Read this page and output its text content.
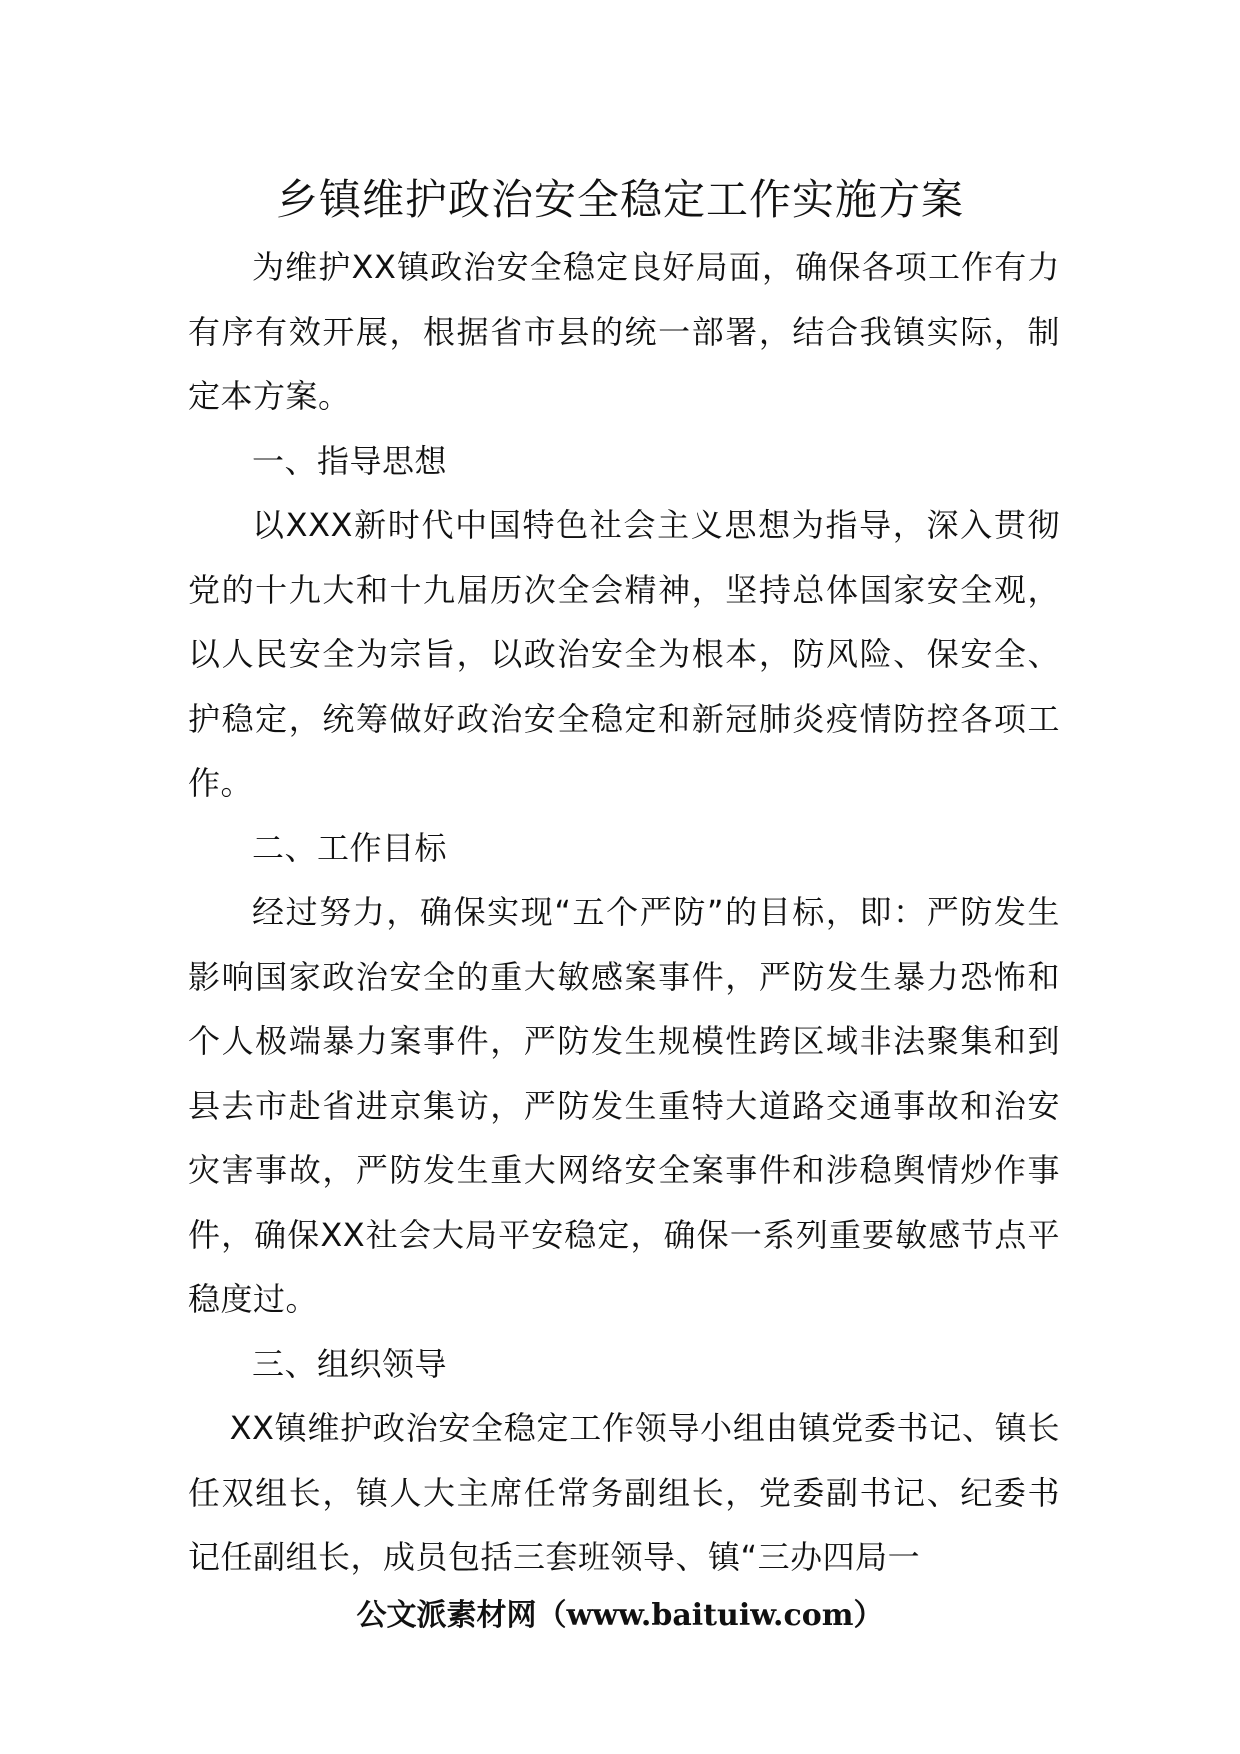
乡镇维护政治安全稳定工作实施方案

为维护XX镇政治安全稳定良好局面，确保各项工作有力有序有效开展，根据省市县的统一部署，结合我镇实际，制定本方案。

一、指导思想

以XXX新时代中国特色社会主义思想为指导，深入贯彻党的十九大和十九届历次全会精神，坚持总体国家安全观，以人民安全为宗旨，以政治安全为根本，防风险、保安全、护稳定，统筹做好政治安全稳定和新冠肺炎疫情防控各项工作。

二、工作目标

经过努力，确保实现“五个严防”的目标，即：严防发生影响国家政治安全的重大敏感案事件，严防发生暴力恐怖和个人极端暴力案事件，严防发生规模性跨区域非法聚集和到县去市赴省进京集访，严防发生重特大道路交通事故和治安灾害事故，严防发生重大网络安全案事件和涉稳舆情炒作事件，确保XX社会大局平安稳定，确保一系列重要敏感节点平稳度过。

三、组织领导

XX镇维护政治安全稳定工作领导小组由镇党委书记、镇长任双组长，镇人大主席任常务副组长，党委副书记、纪委书记任副组长，成员包括三套班领导、镇“三办四局一

公文派素材网（www.baituiw.com）
